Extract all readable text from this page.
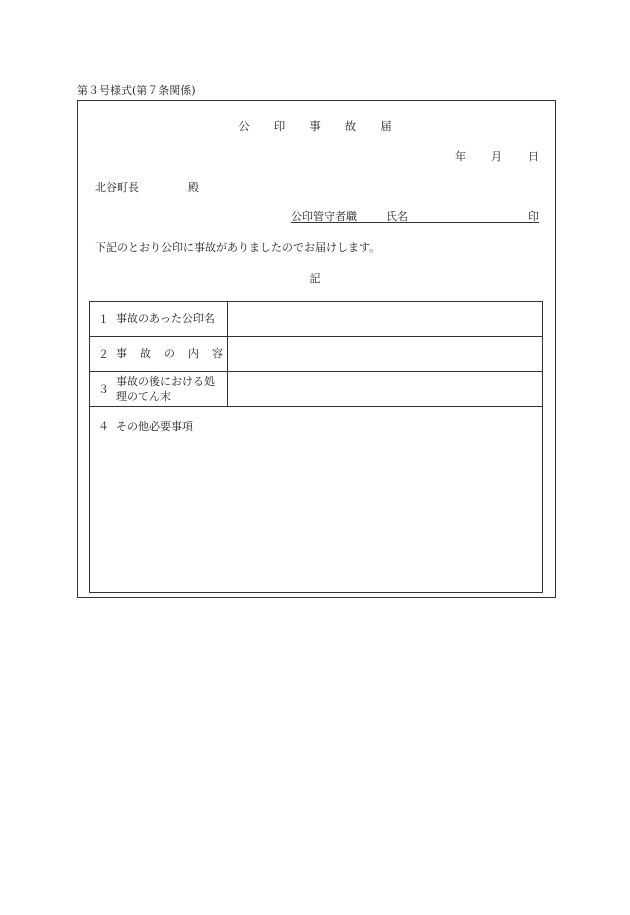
第３号様式(第７条関係)
公 印 事 故 届
年 月 日
北谷町長	殿
公印管守者職	氏名	印
下記のとおり公印に事故がありましたのでお届けします。
記
１ 事故のあった公印名	
２ 事 故 の 内 容	
３事故の後における処
理のてん末	
４ その他必要事項	
